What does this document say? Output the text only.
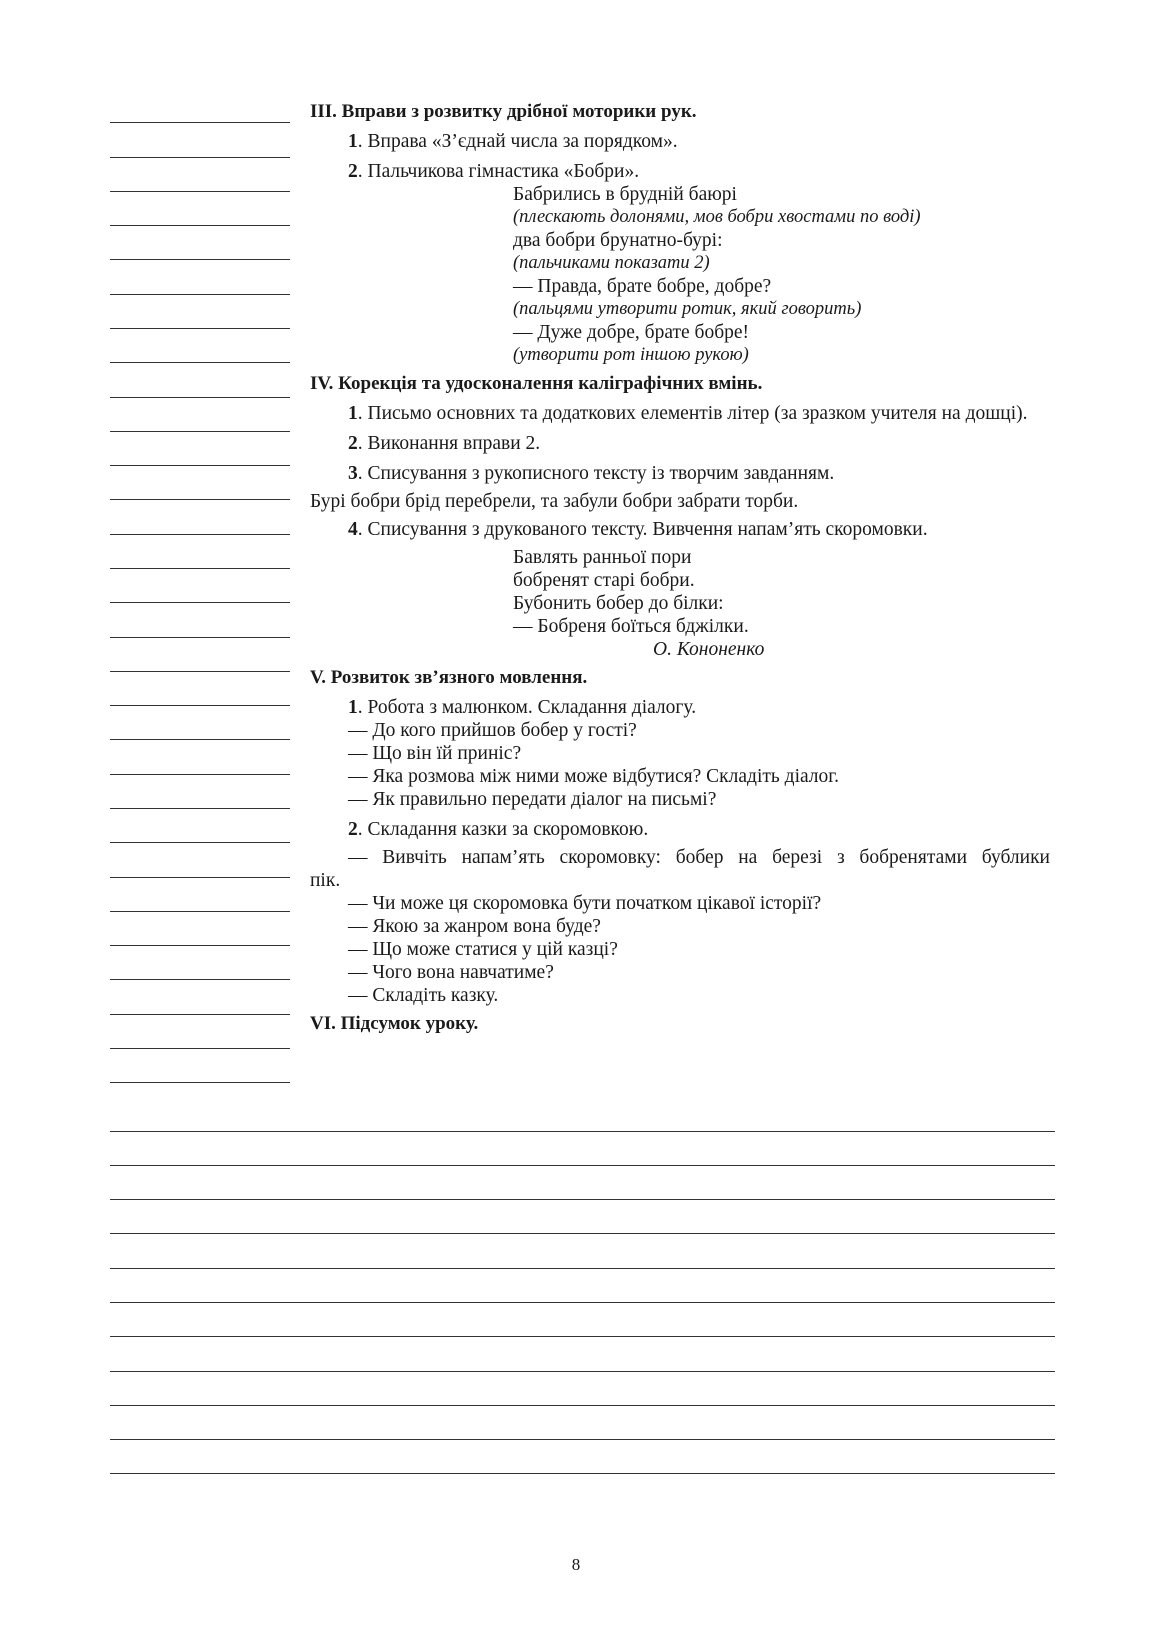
III. Вправи з розвитку дрібної моторики рук.
1. Вправа «З’єднай числа за порядком».
2. Пальчикова гімнастика «Бобри».
Бабрились в брудній баюрі
(плескають долонями, мов бобри хвостами по воді)
два бобри брунатно-бурі:
(пальчиками показати 2)
— Правда, брате бобре, добре?
(пальцями утворити ротик, який говорить)
— Дуже добре, брате бобре!
(утворити рот іншою рукою)
IV. Корекція та удосконалення каліграфічних вмінь.
1. Письмо основних та додаткових елементів літер (за зразком учителя на дошці).
2. Виконання вправи 2.
3. Списування з рукописного тексту із творчим завданням.
Бурі бобри брід перебрели, та забули бобри забрати торби.
4. Списування з друкованого тексту. Вивчення напам’ять скоромовки.
Бавлять ранньої пори
бобренят старі бобри.
Бубонить бобер до білки:
— Бобреня боїться бджілки.
О. Кононенко
V. Розвиток зв’язного мовлення.
1. Робота з малюнком. Складання діалогу.
— До кого прийшов бобер у гості?
— Що він їй приніс?
— Яка розмова між ними може відбутися? Складіть діалог.
— Як правильно передати діалог на письмі?
2. Складання казки за скоромовкою.
— Вивчіть напам’ять скоромовку: бобер на березі з бобренятами бублики
пік.
— Чи може ця скоромовка бути початком цікавої історії?
— Якою за жанром вона буде?
— Що може статися у цій казці?
— Чого вона навчатиме?
— Складіть казку.
VI. Підсумок уроку.
8
